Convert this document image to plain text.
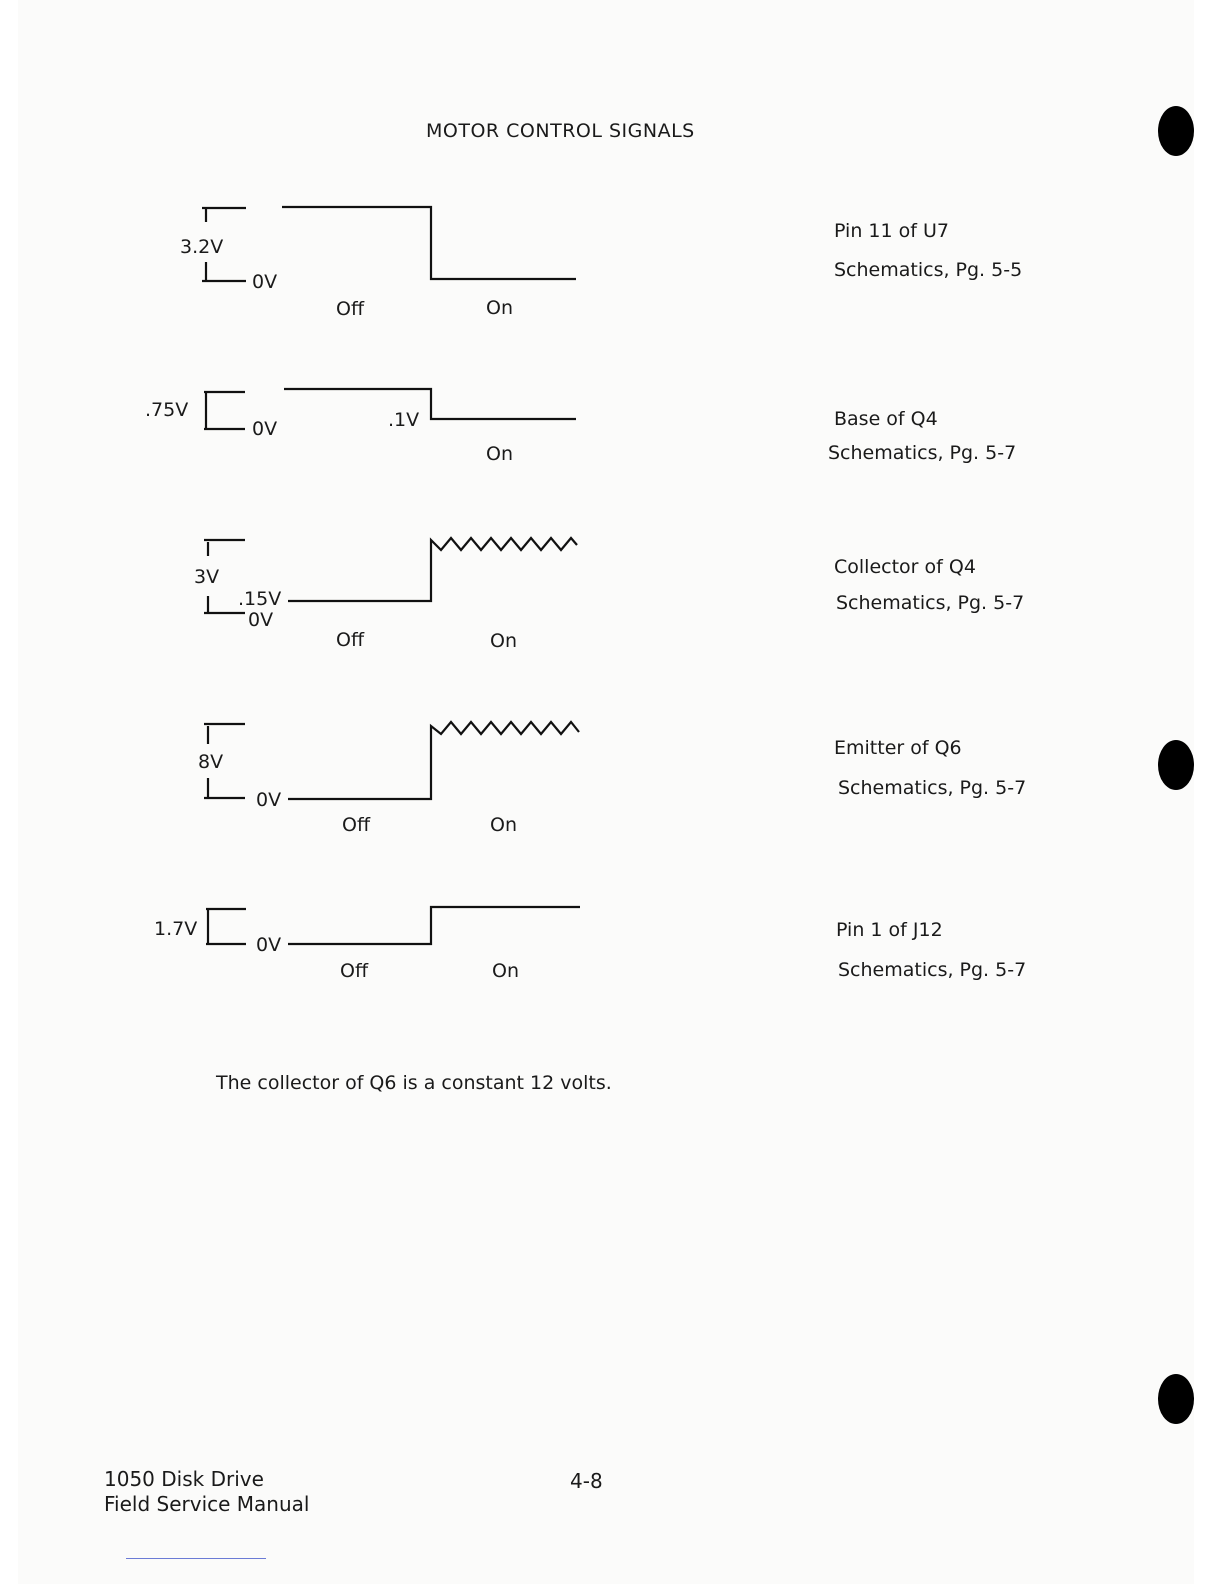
MOTOR CONTROL SIGNALS
3.2V
0V
Off	On
Pin 11 of U7
Schematics, Pg. 5-5
.75V
0V	.1V
On
Base of Q4
Schematics, Pg. 5-7
3V
.15V
0V
Off	On
Collector of Q4
Schematics, Pg. 5-7
8V
0V
Off	On
Emitter of Q6
Schematics, Pg. 5-7
1.7V
0V
Off	On
Pin 1 of J12
Schematics, Pg. 5-7
The collector of Q6 is a constant 12 volts.
1050 Disk Drive
Field Service Manual
4-8
